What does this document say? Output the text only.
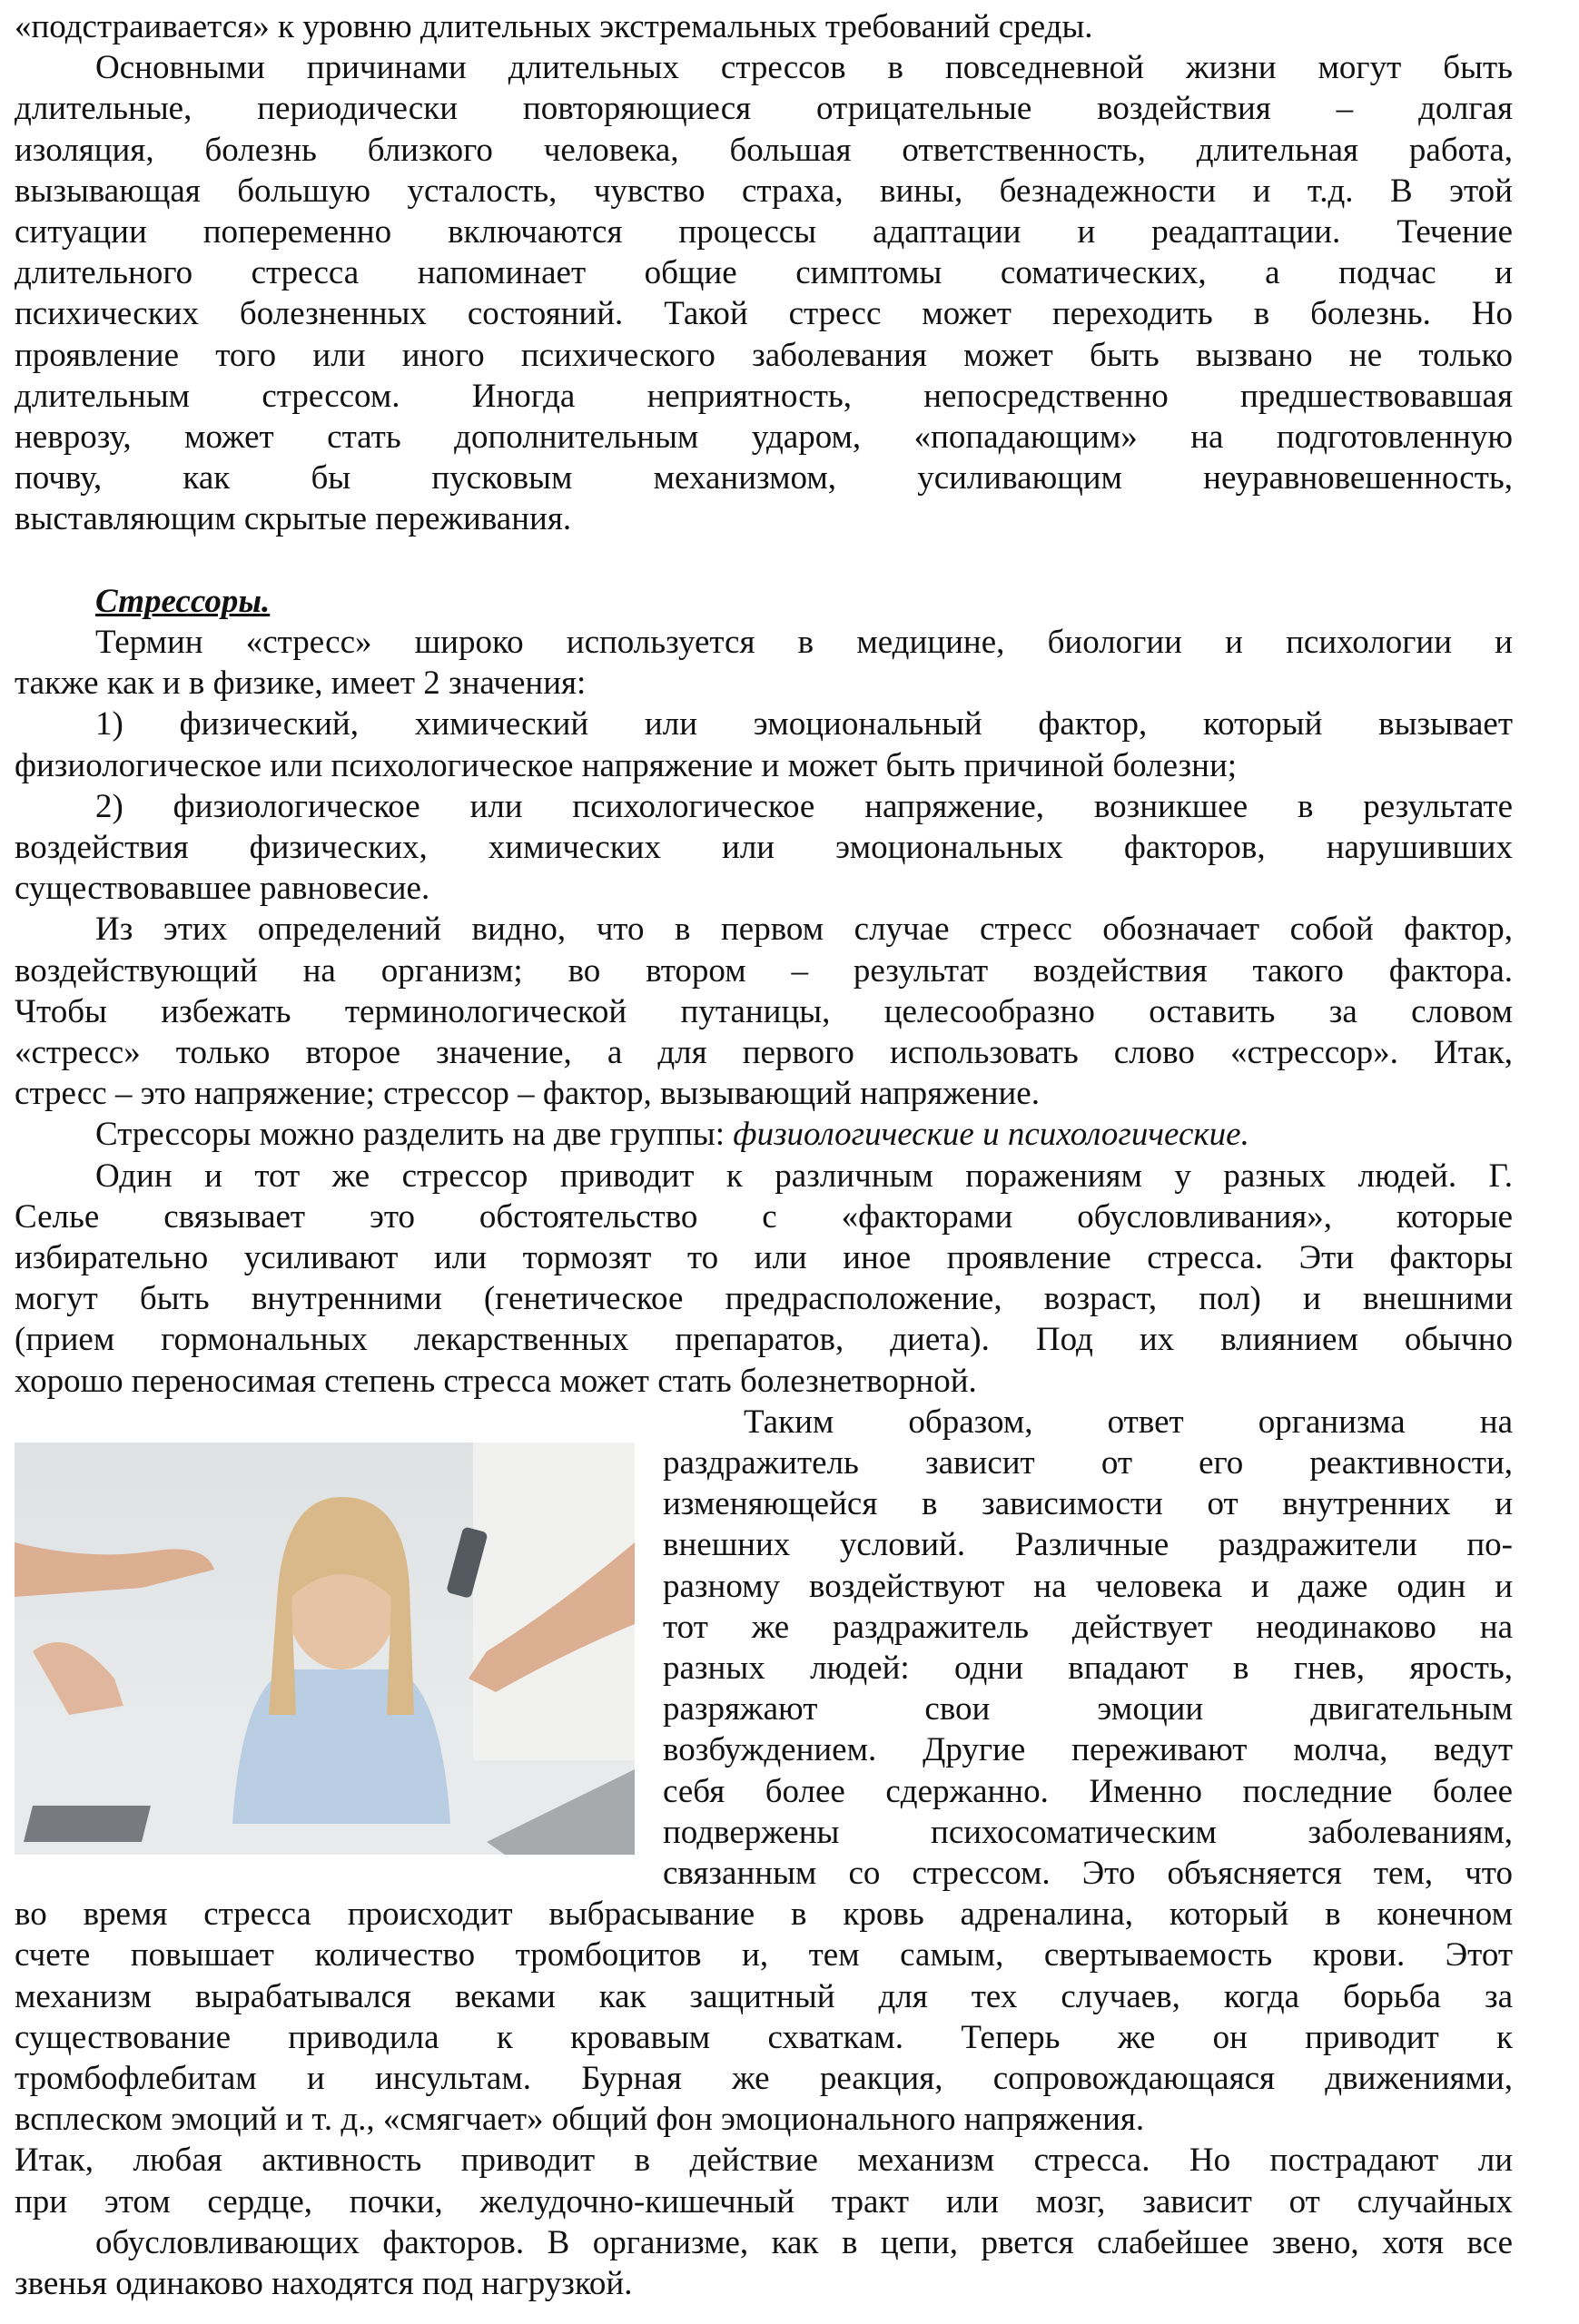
Стрессоры.
«подстраивается» к уровню длительных экстремальных требований среды.
Основными причинами длительных стрессов в повседневной жизни могут быть
длительные, периодически повторяющиеся отрицательные воздействия – долгая
изоляция, болезнь близкого человека, большая ответственность, длительная работа,
вызывающая большую усталость, чувство страха, вины, безнадежности и т.д. В этой
ситуации попеременно включаются процессы адаптации и реадаптации. Течение
длительного стресса напоминает общие симптомы соматических, а подчас и
психических болезненных состояний. Такой стресс может переходить в болезнь. Но
проявление того или иного психического заболевания может быть вызвано не только
длительным стрессом. Иногда неприятность, непосредственно предшествовавшая
неврозу, может стать дополнительным ударом, «попадающим» на подготовленную
почву, как бы пусковым механизмом, усиливающим неуравновешенность,
выставляющим скрытые переживания.
Термин «стресс» широко используется в медицине, биологии и психологии и
также как и в физике, имеет 2 значения:
1) физический, химический или эмоциональный фактор, который вызывает
физиологическое или психологическое напряжение и может быть причиной болезни;
2) физиологическое или психологическое напряжение, возникшее в результате
воздействия физических, химических или эмоциональных факторов, нарушивших
существовавшее равновесие.
Из этих определений видно, что в первом случае стресс обозначает собой фактор,
воздействующий на организм; во втором – результат воздействия такого фактора.
Чтобы избежать терминологической путаницы, целесообразно оставить за словом
«стресс» только второе значение, а для первого использовать слово «стрессор». Итак,
стресс – это напряжение; стрессор – фактор, вызывающий напряжение.
Стрессоры можно разделить на две группы: физиологические и психологические.
Один и тот же стрессор приводит к различным поражениям у разных людей. Г.
Селье связывает это обстоятельство с «факторами обусловливания», которые
избирательно усиливают или тормозят то или иное проявление стресса. Эти факторы
могут быть внутренними (генетическое предрасположение, возраст, пол) и внешними
(прием гормональных лекарственных препаратов, диета). Под их влиянием обычно
хорошо переносимая степень стресса может стать болезнетворной.
Таким образом, ответ организма на
раздражитель зависит от его реактивности,
изменяющейся в зависимости от внутренних и
внешних условий. Различные раздражители по-
разному воздействуют на человека и даже один и
тот же раздражитель действует неодинаково на
разных людей: одни впадают в гнев, ярость,
разряжают свои эмоции двигательным
возбуждением. Другие переживают молча, ведут
себя более сдержанно. Именно последние более
подвержены психосоматическим заболеваниям,
связанным со стрессом. Это объясняется тем, что
во время стресса происходит выбрасывание в кровь адреналина, который в конечном
счете повышает количество тромбоцитов и, тем самым, свертываемость крови. Этот
механизм вырабатывался веками как защитный для тех случаев, когда борьба за
существование приводила к кровавым схваткам. Теперь же он приводит к
тромбофлебитам и инсультам. Бурная же реакция, сопровождающаяся движениями,
всплеском эмоций и т. д., «смягчает» общий фон эмоционального напряжения.
Итак, любая активность приводит в действие механизм стресса. Но пострадают ли
при этом сердце, почки, желудочно-кишечный тракт или мозг, зависит от случайных
обусловливающих факторов. В организме, как в цепи, рвется слабейшее звено, хотя все
звенья одинаково находятся под нагрузкой.
